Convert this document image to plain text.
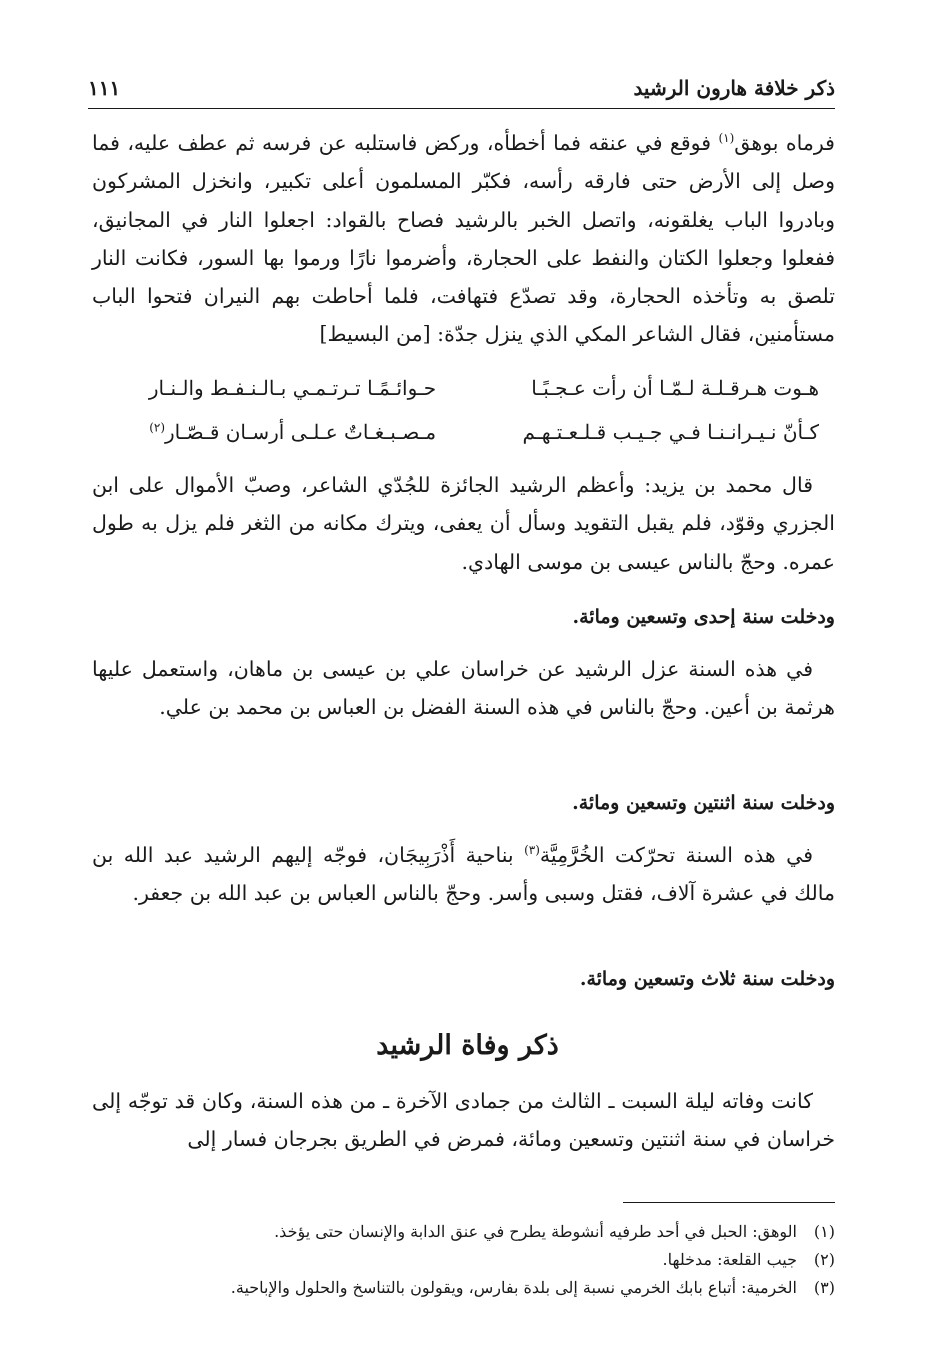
ذكر خلافة هارون الرشيد
١١١
فرماه بوهق$^{(١)}$ فوقع في عنقه فما أخطأه، وركض فاستلبه عن فرسه ثم عطف عليه، فما وصل إلى الأرض حتى فارقه رأسه، فكبّر المسلمون أعلى تكبير، وانخزل المشركون وبادروا الباب يغلقونه، واتصل الخبر بالرشيد فصاح بالقواد: اجعلوا النار في المجانيق، ففعلوا وجعلوا الكتان والنفط على الحجارة، وأضرموا نارًا ورموا بها السور، فكانت النار تلصق به وتأخذه الحجارة، وقد تصدّع فتهافت، فلما أحاطت بهم النيران فتحوا الباب مستأمنين، فقال الشاعر المكي الذي ينزل جدّة: [من البسيط]
هـوت هـرقـلـة لـمّـا أن رأت عـجـبًـا
حـوائـمًـا تـرتـمـي بـالـنـفـط والـنـار
كـأنّ نـيـرانـنـا فـي جـيـب قـلـعـتـهـم
مـصـبـغـاتٌ عـلـى أرسـان قـصّـار$^{(٢)}$
قال محمد بن يزيد: وأعظم الرشيد الجائزة للجُدّي الشاعر، وصبّ الأموال على ابن الجزري وقوّد، فلم يقبل التقويد وسأل أن يعفى، ويترك مكانه من الثغر فلم يزل به طول عمره. وحجّ بالناس عيسى بن موسى الهادي.
ودخلت سنة إحدى وتسعين ومائة.
في هذه السنة عزل الرشيد عن خراسان علي بن عيسى بن ماهان، واستعمل عليها هرثمة بن أعين. وحجّ بالناس في هذه السنة الفضل بن العباس بن محمد بن علي.
ودخلت سنة اثنتين وتسعين ومائة.
في هذه السنة تحرّكت الخُرَّمِيَّة$^{(٣)}$ بناحية أَذْرَبِيجَان، فوجّه إليهم الرشيد عبد الله بن مالك في عشرة آلاف، فقتل وسبى وأسر. وحجّ بالناس العباس بن عبد الله بن جعفر.
ودخلت سنة ثلاث وتسعين ومائة.
ذكر وفاة الرشيد
كانت وفاته ليلة السبت ـ الثالث من جمادى الآخرة ـ من هذه السنة، وكان قد توجّه إلى خراسان في سنة اثنتين وتسعين ومائة، فمرض في الطريق بجرجان فسار إلى
(١)الوهق: الحبل في أحد طرفيه أنشوطة يطرح في عنق الدابة والإنسان حتى يؤخذ.
(٢)جيب القلعة: مدخلها.
(٣)الخرمية: أتباع بابك الخرمي نسبة إلى بلدة بفارس، ويقولون بالتناسخ والحلول والإباحية.
